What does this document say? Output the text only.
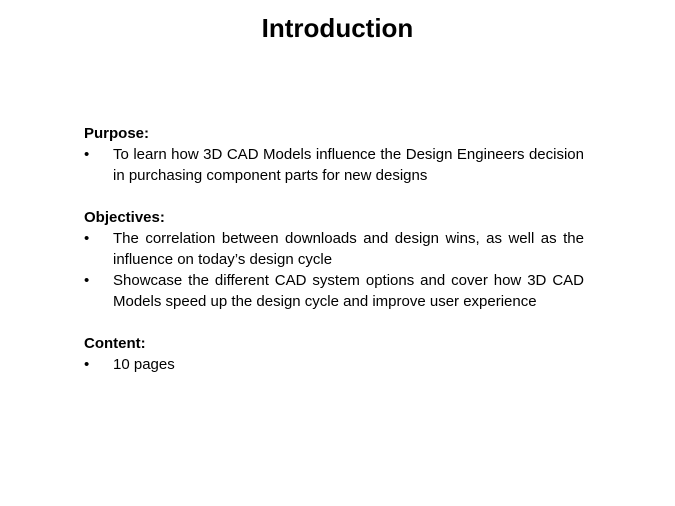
Introduction

Purpose:

•	To learn how 3D CAD Models influence the Design Engineers decision in purchasing component parts for new designs

Objectives:

•	The correlation between downloads and design wins, as well as the influence on today’s design cycle
•	Showcase the different CAD system options and cover how 3D CAD Models speed up the design cycle and improve user experience

Content:

•	10 pages
